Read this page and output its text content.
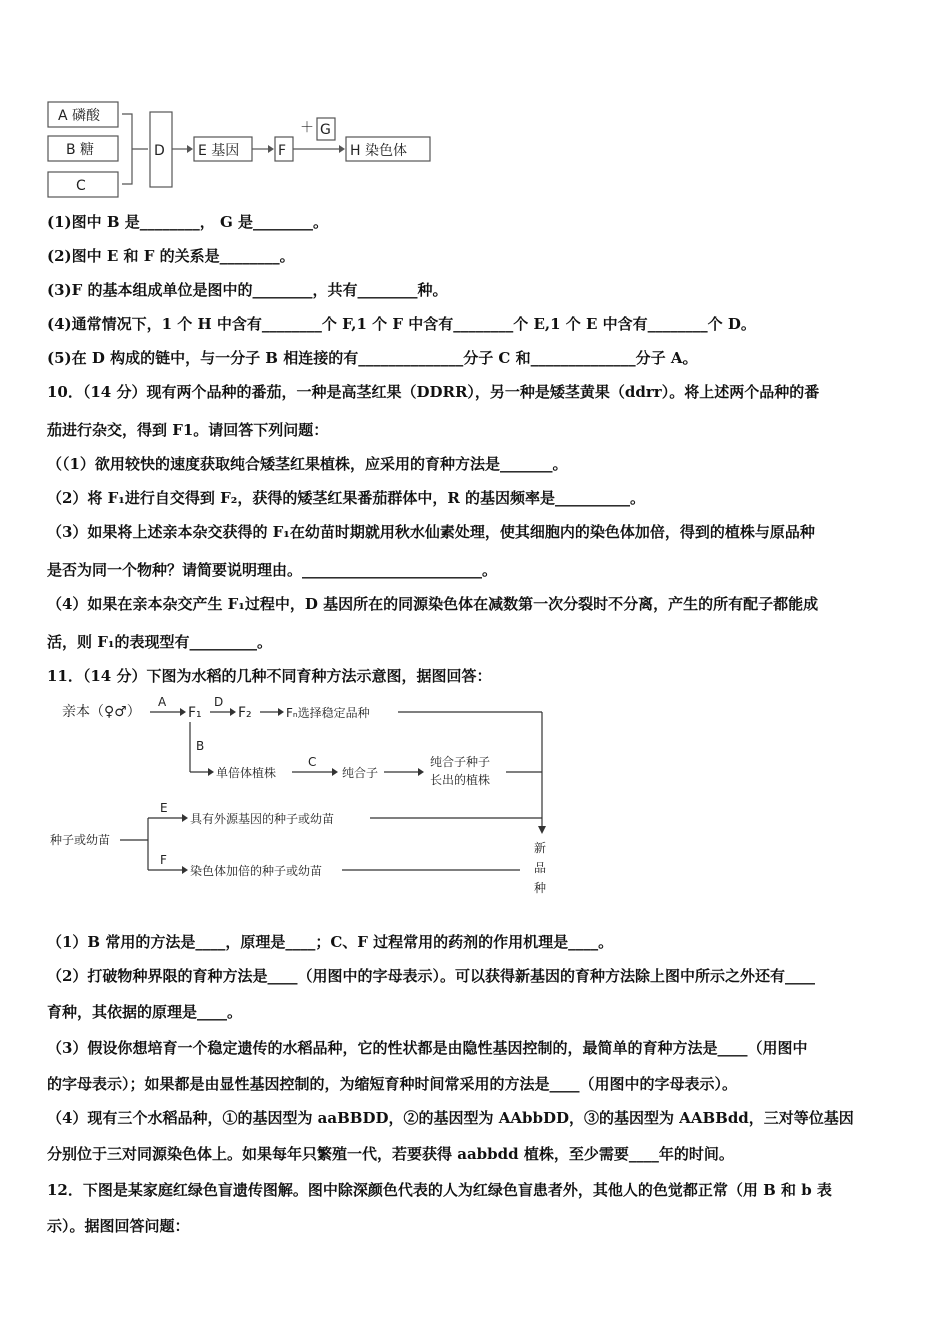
A 磷酸
B 糖
C
D E 基因	F
＋ G
H 染色体
(1)图中 B 是________， G 是________。
(2)图中 E 和 F 的关系是________。
(3)F 的基本组成单位是图中的________，共有________种。
(4)通常情况下，1 个 H 中含有________个 F,1 个 F 中含有________个 E,1 个 E 中含有________个 D。
(5)在 D 构成的链中，与一分子 B 相连接的有______________分子 C 和______________分子 A。
10．（14 分）现有两个品种的番茄，一种是高茎红果（DDRR），另一种是矮茎黄果（ddrr）。将上述两个品种的番
茄进行杂交，得到 F1。请回答下列问题：
（（1）欲用较快的速度获取纯合矮茎红果植株，应采用的育种方法是_______。
（2）将 F₁进行自交得到 F₂，获得的矮茎红果番茄群体中，R 的基因频率是__________。
（3）如果将上述亲本杂交获得的 F₁在幼苗时期就用秋水仙素处理，使其细胞内的染色体加倍，得到的植株与原品种
是否为同一个物种？请简要说明理由。________________________。
（4）如果在亲本杂交产生 F₁过程中，D 基因所在的同源染色体在减数第一次分裂时不分离，产生的所有配子都能成
活，则 F₁的表现型有_________。
11．（14 分）下图为水稻的几种不同育种方法示意图，据图回答：
亲本（♀♂）
A
F₁
D
F₂	Fₙ选择稳定品种
B
单倍体植株
C
纯合子
纯合子种子
长出的植株
种子或幼苗
E
具有外源基因的种子或幼苗
F
染色体加倍的种子或幼苗
新
品
种
（1）B 常用的方法是____，原理是____；C、F 过程常用的药剂的作用机理是____。
（2）打破物种界限的育种方法是____（用图中的字母表示）。可以获得新基因的育种方法除上图中所示之外还有____
育种，其依据的原理是____。
（3）假设你想培育一个稳定遗传的水稻品种，它的性状都是由隐性基因控制的，最简单的育种方法是____（用图中
的字母表示）；如果都是由显性基因控制的，为缩短育种时间常采用的方法是____（用图中的字母表示）。
（4）现有三个水稻品种，①的基因型为 aaBBDD，②的基因型为 AAbbDD，③的基因型为 AABBdd，三对等位基因
分别位于三对同源染色体上。如果每年只繁殖一代，若要获得 aabbdd 植株，至少需要____年的时间。
12．下图是某家庭红绿色盲遗传图解。图中除深颜色代表的人为红绿色盲患者外，其他人的色觉都正常（用 B 和 b 表
示）。据图回答问题：
